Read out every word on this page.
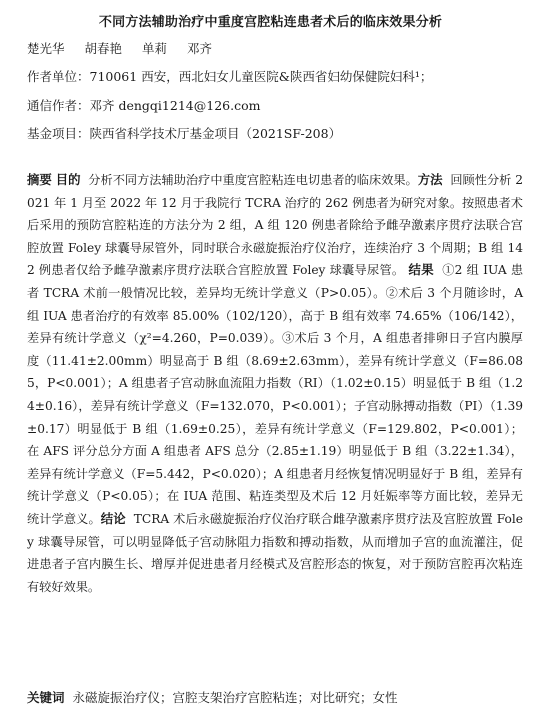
不同方法辅助治疗中重度宫腔粘连患者术后的临床效果分析
楚光华 胡春艳 单莉 邓齐
作者单位：710061 西安，西北妇女儿童医院&陕西省妇幼保健院妇科¹；
通信作者：邓齐 dengqi1214@126.com
基金项目：陕西省科学技术厅基金项目（2021SF-208）
摘要 目的 分析不同方法辅助治疗中重度宫腔粘连电切患者的临床效果。方法 回顾性分析 2021 年 1 月至 2022 年 12 月于我院行 TCRA 治疗的 262 例患者为研究对象。按照患者术后采用的预防宫腔粘连的方法分为 2 组，A 组 120 例患者除给予雌孕激素序贯疗法联合宫腔放置 Foley 球囊导尿管外，同时联合永磁旋振治疗仪治疗，连续治疗 3 个周期；B 组 142 例患者仅给予雌孕激素序贯疗法联合宫腔放置 Foley 球囊导尿管。 结果 ①2 组 IUA 患者 TCRA 术前一般情况比较，差异均无统计学意义（P>0.05）。②术后 3 个月随诊时，A 组 IUA 患者治疗的有效率 85.00%（102/120），高于 B 组有效率 74.65%（106/142），差异有统计学意义（χ²=4.260，P=0.039）。③术后 3 个月，A 组患者排卵日子宫内膜厚度（11.41±2.00mm）明显高于 B 组（8.69±2.63mm），差异有统计学意义（F=86.085，P<0.001）；A 组患者子宫动脉血流阻力指数（RI）（1.02±0.15）明显低于 B 组（1.24±0.16），差异有统计学意义（F=132.070，P<0.001）；子宫动脉搏动指数（PI）（1.39±0.17）明显低于 B 组（1.69±0.25），差异有统计学意义（F=129.802，P<0.001）；在 AFS 评分总分方面 A 组患者 AFS 总分（2.85±1.19）明显低于 B 组（3.22±1.34），差异有统计学意义（F=5.442，P<0.020）；A 组患者月经恢复情况明显好于 B 组，差异有统计学意义（P<0.05）；在 IUA 范围、粘连类型及术后 12 月妊娠率等方面比较，差异无统计学意义。结论 TCRA 术后永磁旋振治疗仪治疗联合雌孕激素序贯疗法及宫腔放置 Foley 球囊导尿管，可以明显降低子宫动脉阻力指数和搏动指数，从而增加子宫的血流灌注，促进患者子宫内膜生长、增厚并促进患者月经模式及宫腔形态的恢复，对于预防宫腔再次粘连有较好效果。
关键词 永磁旋振治疗仪；宫腔支架治疗宫腔粘连；对比研究；女性
